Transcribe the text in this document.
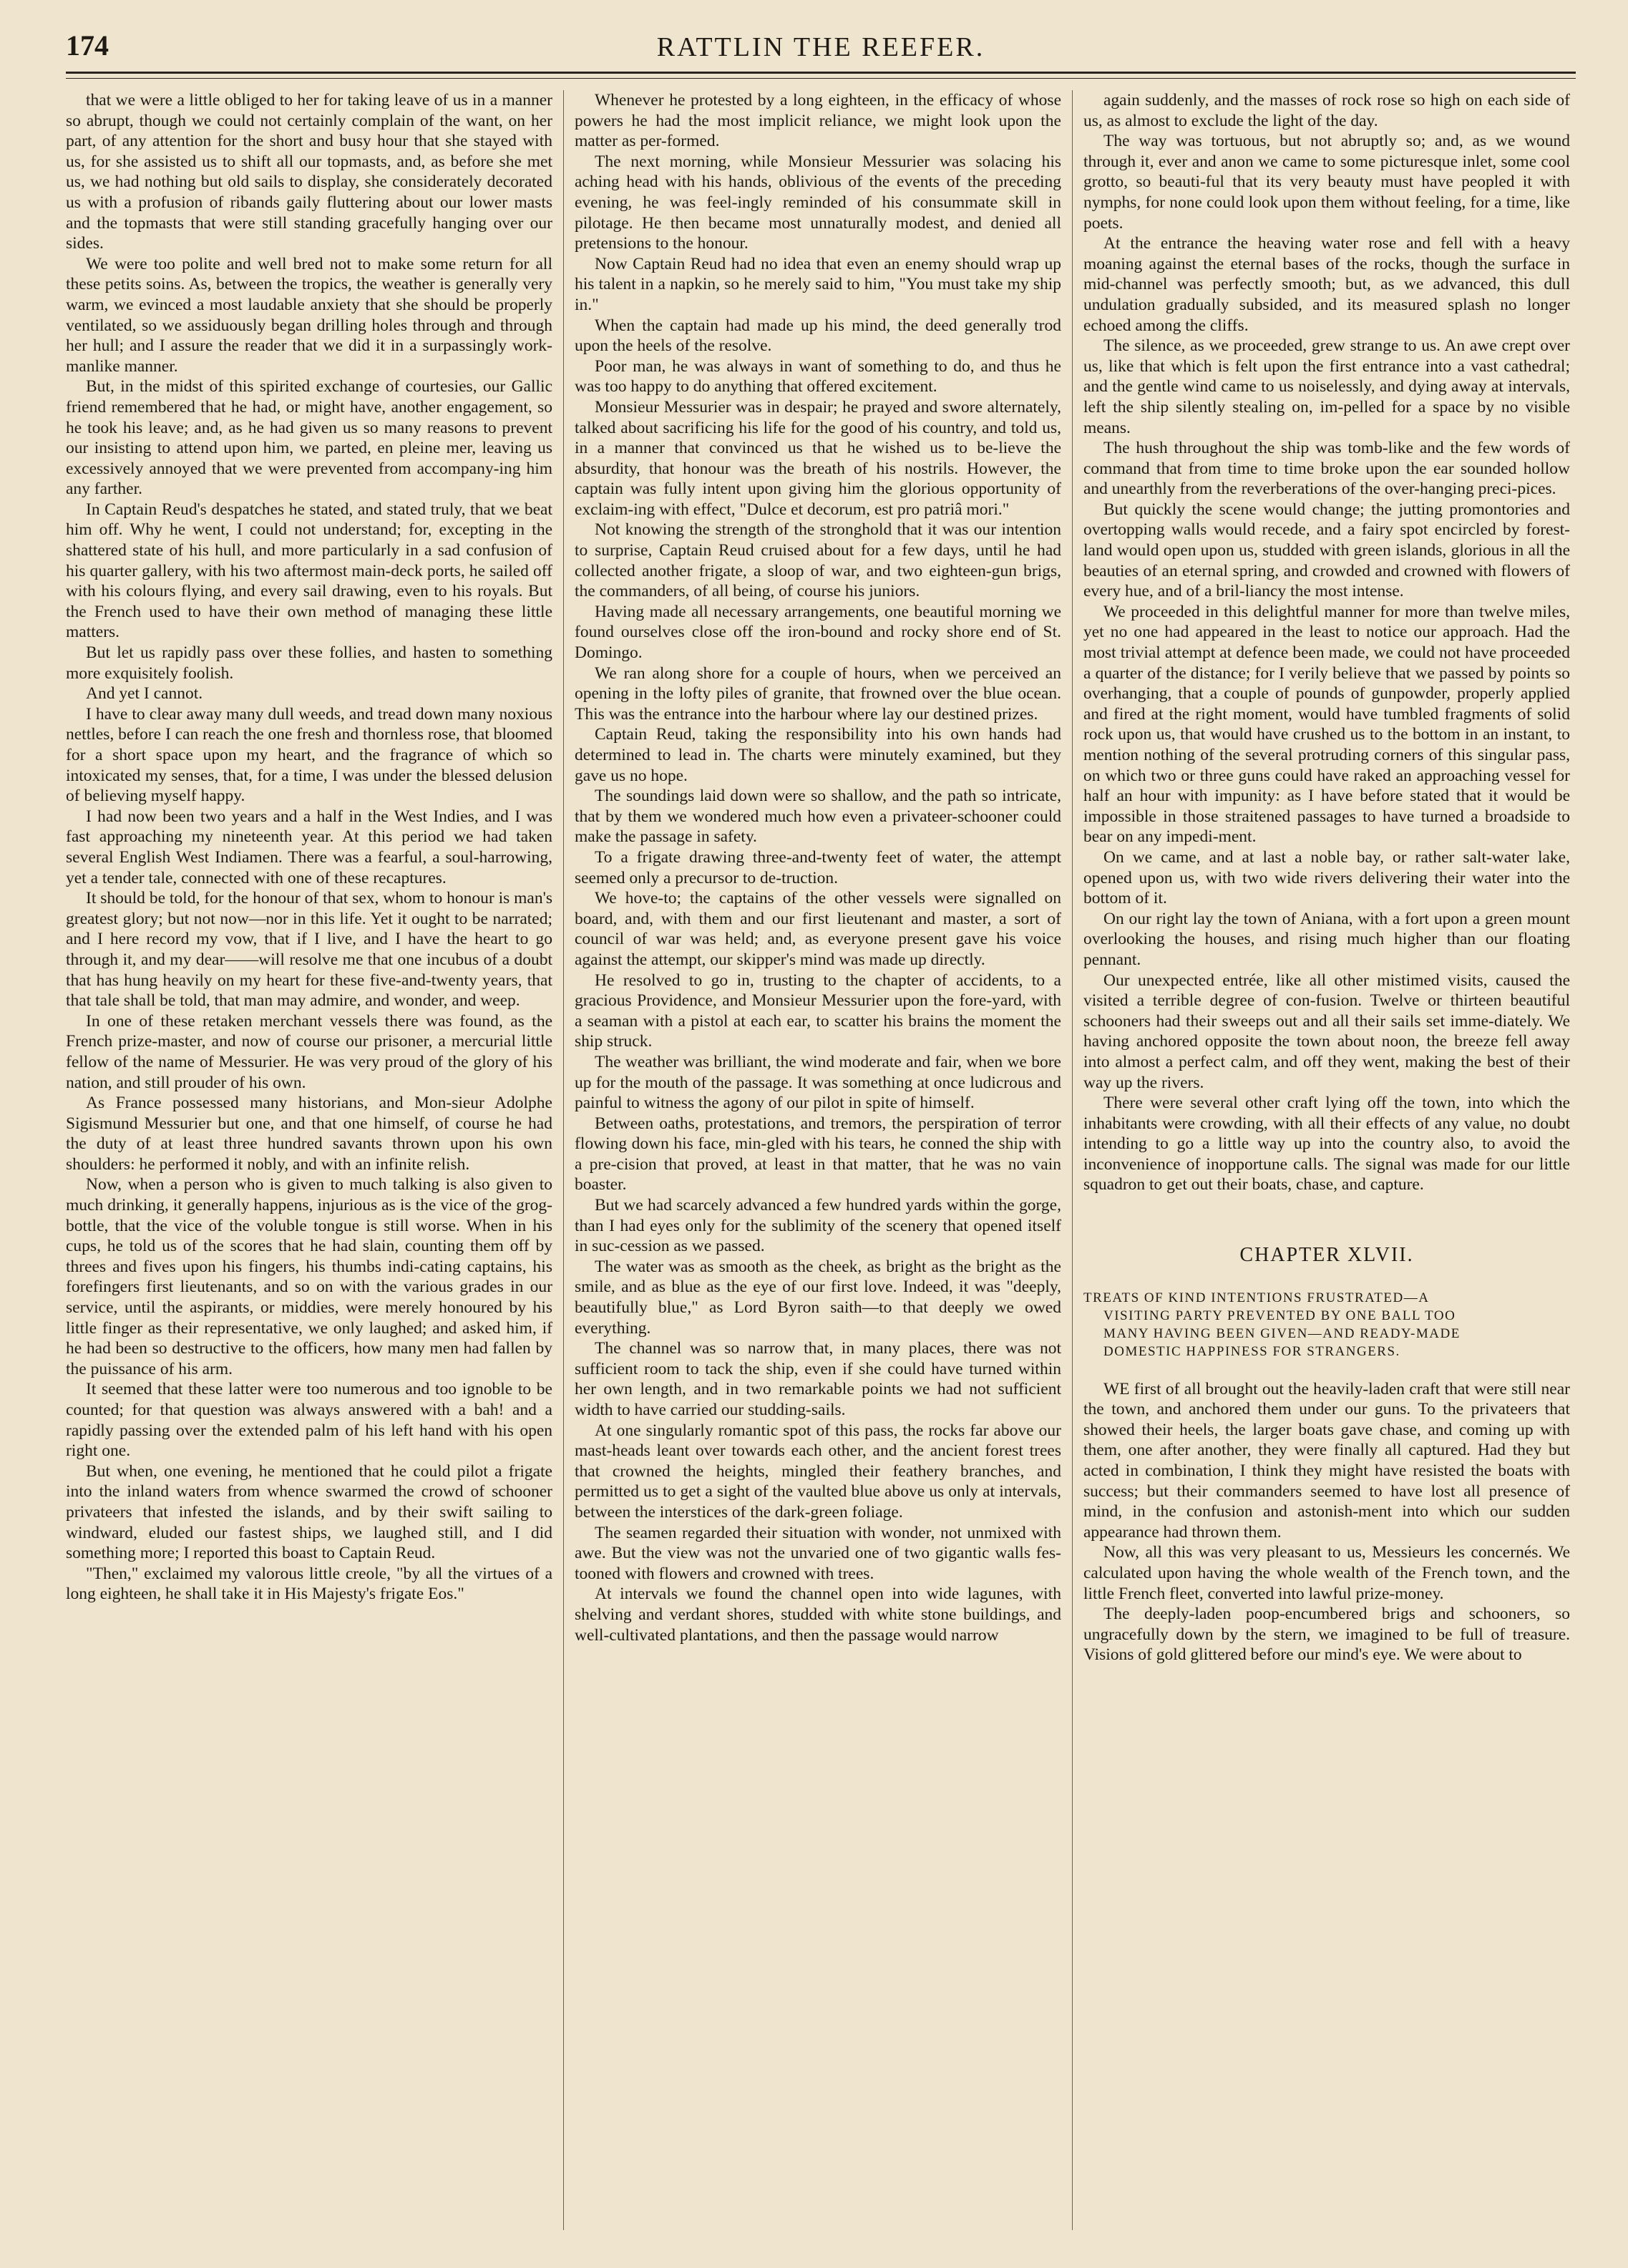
174	RATTLIN THE REEFER.

that we were a little obliged to her for taking leave of us in a manner so abrupt, though we could not certainly complain of the want, on her part, of any attention for the short and busy hour that she stayed with us, for she assisted us to shift all our topmasts, and, as before she met us, we had nothing but old sails to display, she considerately decorated us with a profusion of ribands gaily fluttering about our lower masts and the topmasts that were still standing gracefully hanging over our sides.

We were too polite and well bred not to make some return for all these petits soins. As, between the tropics, the weather is generally very warm, we evinced a most laudable anxiety that she should be properly ventilated, so we assiduously began drilling holes through and through her hull; and I assure the reader that we did it in a surpassingly work-manlike manner.

But, in the midst of this spirited exchange of courtesies, our Gallic friend remembered that he had, or might have, another engagement, so he took his leave; and, as he had given us so many reasons to prevent our insisting to attend upon him, we parted, en pleine mer, leaving us excessively annoyed that we were prevented from accompany-ing him any farther.

In Captain Reud's despatches he stated, and stated truly, that we beat him off. Why he went, I could not understand; for, excepting in the shattered state of his hull, and more particularly in a sad confusion of his quarter gallery, with his two aftermost main-deck ports, he sailed off with his colours flying, and every sail drawing, even to his royals. But the French used to have their own method of managing these little matters.

But let us rapidly pass over these follies, and hasten to something more exquisitely foolish.

And yet I cannot.

I have to clear away many dull weeds, and tread down many noxious nettles, before I can reach the one fresh and thornless rose, that bloomed for a short space upon my heart, and the fragrance of which so intoxicated my senses, that, for a time, I was under the blessed delusion of believing myself happy.

I had now been two years and a half in the West Indies, and I was fast approaching my nineteenth year. At this period we had taken several English West Indiamen. There was a fearful, a soul-harrowing, yet a tender tale, connected with one of these recaptures.

It should be told, for the honour of that sex, whom to honour is man's greatest glory; but not now—nor in this life. Yet it ought to be narrated; and I here record my vow, that if I live, and I have the heart to go through it, and my dear——will resolve me that one incubus of a doubt that has hung heavily on my heart for these five-and-twenty years, that that tale shall be told, that man may admire, and wonder, and weep.

In one of these retaken merchant vessels there was found, as the French prize-master, and now of course our prisoner, a mercurial little fellow of the name of Messurier. He was very proud of the glory of his nation, and still prouder of his own.

As France possessed many historians, and Mon-sieur Adolphe Sigismund Messurier but one, and that one himself, of course he had the duty of at least three hundred savants thrown upon his own shoulders: he performed it nobly, and with an infinite relish.

Now, when a person who is given to much talking is also given to much drinking, it generally happens, injurious as is the vice of the grog-bottle, that the vice of the voluble tongue is still worse. When in his cups, he told us of the scores that he had slain, counting them off by threes and fives upon his fingers, his thumbs indi-cating captains, his forefingers first lieutenants, and so on with the various grades in our service, until the aspirants, or middies, were merely honoured by his little finger as their representative, we only laughed; and asked him, if he had been so destructive to the officers, how many men had fallen by the puissance of his arm.

It seemed that these latter were too numerous and too ignoble to be counted; for that question was always answered with a bah! and a rapidly passing over the extended palm of his left hand with his open right one.

But when, one evening, he mentioned that he could pilot a frigate into the inland waters from whence swarmed the crowd of schooner privateers that infested the islands, and by their swift sailing to windward, eluded our fastest ships, we laughed still, and I did something more; I reported this boast to Captain Reud.

"Then," exclaimed my valorous little creole, "by all the virtues of a long eighteen, he shall take it in His Majesty's frigate Eos."

Whenever he protested by a long eighteen, in the efficacy of whose powers he had the most implicit reliance, we might look upon the matter as per-formed.

The next morning, while Monsieur Messurier was solacing his aching head with his hands, oblivious of the events of the preceding evening, he was feel-ingly reminded of his consummate skill in pilotage. He then became most unnaturally modest, and denied all pretensions to the honour.

Now Captain Reud had no idea that even an enemy should wrap up his talent in a napkin, so he merely said to him, "You must take my ship in."

When the captain had made up his mind, the deed generally trod upon the heels of the resolve.

Poor man, he was always in want of something to do, and thus he was too happy to do anything that offered excitement.

Monsieur Messurier was in despair; he prayed and swore alternately, talked about sacrificing his life for the good of his country, and told us, in a manner that convinced us that he wished us to be-lieve the absurdity, that honour was the breath of his nostrils. However, the captain was fully intent upon giving him the glorious opportunity of exclaim-ing with effect, "Dulce et decorum, est pro patriâ mori."

Not knowing the strength of the stronghold that it was our intention to surprise, Captain Reud cruised about for a few days, until he had collected another frigate, a sloop of war, and two eighteen-gun brigs, the commanders, of all being, of course his juniors.

Having made all necessary arrangements, one beautiful morning we found ourselves close off the iron-bound and rocky shore end of St. Domingo.

We ran along shore for a couple of hours, when we perceived an opening in the lofty piles of granite, that frowned over the blue ocean. This was the entrance into the harbour where lay our destined prizes.

Captain Reud, taking the responsibility into his own hands had determined to lead in. The charts were minutely examined, but they gave us no hope.

The soundings laid down were so shallow, and the path so intricate, that by them we wondered much how even a privateer-schooner could make the passage in safety.

To a frigate drawing three-and-twenty feet of water, the attempt seemed only a precursor to de-truction.

We hove-to; the captains of the other vessels were signalled on board, and, with them and our first lieutenant and master, a sort of council of war was held; and, as everyone present gave his voice against the attempt, our skipper's mind was made up directly.

He resolved to go in, trusting to the chapter of accidents, to a gracious Providence, and Monsieur Messurier upon the fore-yard, with a seaman with a pistol at each ear, to scatter his brains the moment the ship struck.

The weather was brilliant, the wind moderate and fair, when we bore up for the mouth of the passage. It was something at once ludicrous and painful to witness the agony of our pilot in spite of himself.

Between oaths, protestations, and tremors, the perspiration of terror flowing down his face, min-gled with his tears, he conned the ship with a pre-cision that proved, at least in that matter, that he was no vain boaster.

But we had scarcely advanced a few hundred yards within the gorge, than I had eyes only for the sublimity of the scenery that opened itself in suc-cession as we passed.

The water was as smooth as the cheek, as bright as the bright as the smile, and as blue as the eye of our first love. Indeed, it was "deeply, beautifully blue," as Lord Byron saith—to that deeply we owed everything.

The channel was so narrow that, in many places, there was not sufficient room to tack the ship, even if she could have turned within her own length, and in two remarkable points we had not sufficient width to have carried our studding-sails.

At one singularly romantic spot of this pass, the rocks far above our mast-heads leant over towards each other, and the ancient forest trees that crowned the heights, mingled their feathery branches, and permitted us to get a sight of the vaulted blue above us only at intervals, between the interstices of the dark-green foliage.

The seamen regarded their situation with wonder, not unmixed with awe. But the view was not the unvaried one of two gigantic walls fes-tooned with flowers and crowned with trees.

At intervals we found the channel open into wide lagunes, with shelving and verdant shores, studded with white stone buildings, and well-cultivated plantations, and then the passage would narrow

again suddenly, and the masses of rock rose so high on each side of us, as almost to exclude the light of the day.

The way was tortuous, but not abruptly so; and, as we wound through it, ever and anon we came to some picturesque inlet, some cool grotto, so beauti-ful that its very beauty must have peopled it with nymphs, for none could look upon them without feeling, for a time, like poets.

At the entrance the heaving water rose and fell with a heavy moaning against the eternal bases of the rocks, though the surface in mid-channel was perfectly smooth; but, as we advanced, this dull undulation gradually subsided, and its measured splash no longer echoed among the cliffs.

The silence, as we proceeded, grew strange to us. An awe crept over us, like that which is felt upon the first entrance into a vast cathedral; and the gentle wind came to us noiselessly, and dying away at intervals, left the ship silently stealing on, im-pelled for a space by no visible means.

The hush throughout the ship was tomb-like and the few words of command that from time to time broke upon the ear sounded hollow and unearthly from the reverberations of the over-hanging preci-pices.

But quickly the scene would change; the jutting promontories and overtopping walls would recede, and a fairy spot encircled by forest-land would open upon us, studded with green islands, glorious in all the beauties of an eternal spring, and crowded and crowned with flowers of every hue, and of a bril-liancy the most intense.

We proceeded in this delightful manner for more than twelve miles, yet no one had appeared in the least to notice our approach. Had the most trivial attempt at defence been made, we could not have proceeded a quarter of the distance; for I verily believe that we passed by points so overhanging, that a couple of pounds of gunpowder, properly applied and fired at the right moment, would have tumbled fragments of solid rock upon us, that would have crushed us to the bottom in an instant, to mention nothing of the several protruding corners of this singular pass, on which two or three guns could have raked an approaching vessel for half an hour with impunity: as I have before stated that it would be impossible in those straitened passages to have turned a broadside to bear on any impedi-ment.

On we came, and at last a noble bay, or rather salt-water lake, opened upon us, with two wide rivers delivering their water into the bottom of it.

On our right lay the town of Aniana, with a fort upon a green mount overlooking the houses, and rising much higher than our floating pennant.

Our unexpected entrée, like all other mistimed visits, caused the visited a terrible degree of con-fusion. Twelve or thirteen beautiful schooners had their sweeps out and all their sails set imme-diately. We having anchored opposite the town about noon, the breeze fell away into almost a perfect calm, and off they went, making the best of their way up the rivers.

There were several other craft lying off the town, into which the inhabitants were crowding, with all their effects of any value, no doubt intending to go a little way up into the country also, to avoid the inconvenience of inopportune calls. The signal was made for our little squadron to get out their boats, chase, and capture.

CHAPTER XLVII.
TREATS OF KIND INTENTIONS FRUSTRATED—A
VISITING PARTY PREVENTED BY ONE BALL TOO
MANY HAVING BEEN GIVEN—AND READY-MADE
DOMESTIC HAPPINESS FOR STRANGERS.

WE first of all brought out the heavily-laden craft that were still near the town, and anchored them under our guns. To the privateers that showed their heels, the larger boats gave chase, and coming up with them, one after another, they were finally all captured. Had they but acted in combination, I think they might have resisted the boats with success; but their commanders seemed to have lost all presence of mind, in the confusion and astonish-ment into which our sudden appearance had thrown them.

Now, all this was very pleasant to us, Messieurs les concernés. We calculated upon having the whole wealth of the French town, and the little French fleet, converted into lawful prize-money.

The deeply-laden poop-encumbered brigs and schooners, so ungracefully down by the stern, we imagined to be full of treasure. Visions of gold glittered before our mind's eye. We were about to
